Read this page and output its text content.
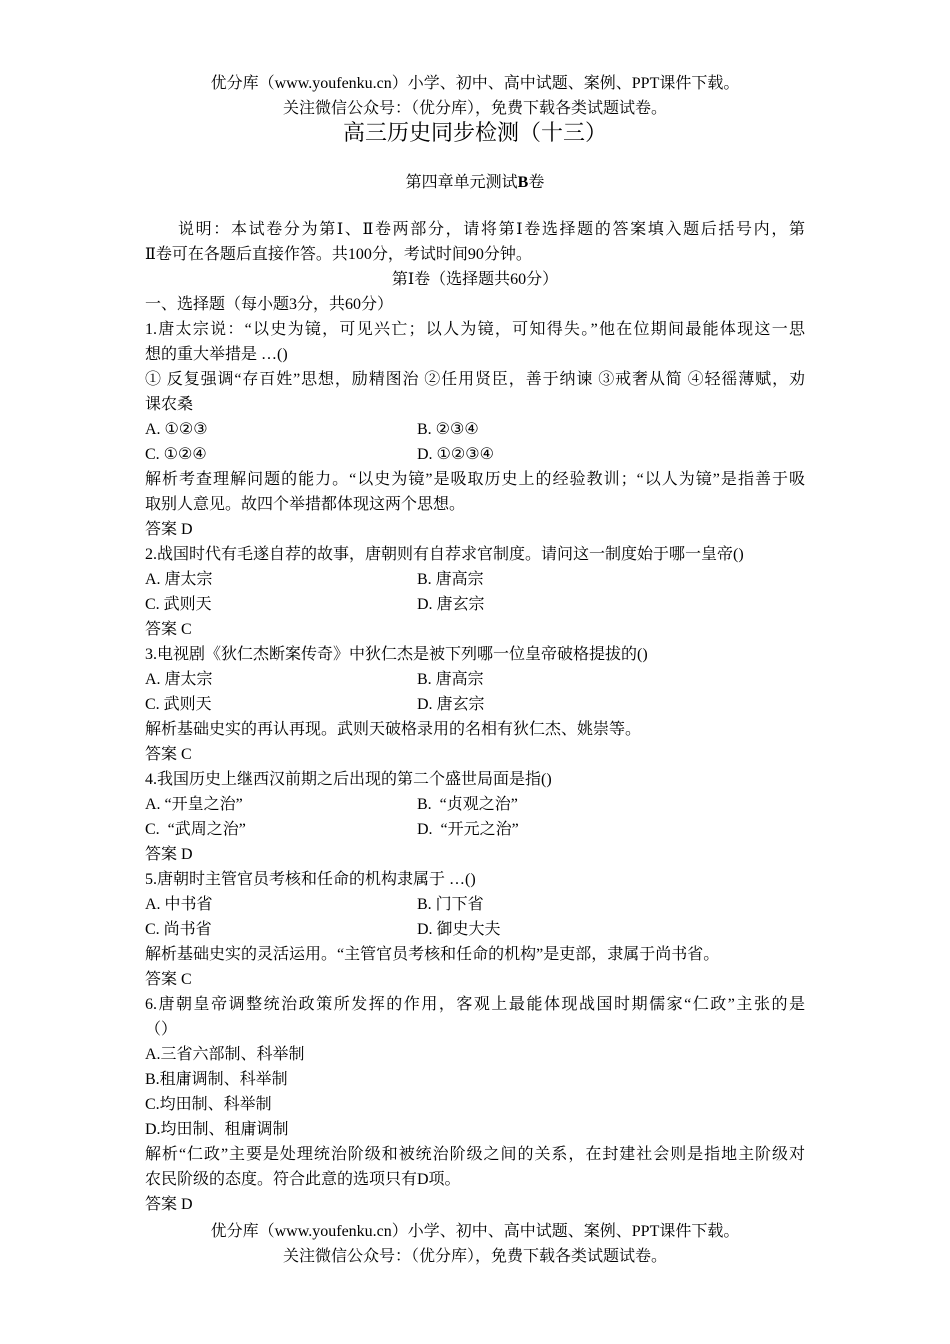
优分库（www.youfenku.cn）小学、初中、高中试题、案例、PPT课件下载。
关注微信公众号：（优分库），免费下载各类试题试卷。
高三历史同步检测（十三）
第四章单元测试B卷
说明：本试卷分为第Ⅰ、Ⅱ卷两部分，请将第Ⅰ卷选择题的答案填入题后括号内，第
Ⅱ卷可在各题后直接作答。共100分，考试时间90分钟。
第Ⅰ卷（选择题共60分）
一、选择题（每小题3分，共60分）
1.唐太宗说：“以史为镜，可见兴亡；以人为镜，可知得失。”他在位期间最能体现这一思
想的重大举措是 …()
① 反复强调“存百姓”思想，励精图治 ②任用贤臣，善于纳谏 ③戒奢从简 ④轻徭薄赋，劝
课农桑
A. ①②③	B. ②③④
C. ①②④	D. ①②③④
解析考查理解问题的能力。“以史为镜”是吸取历史上的经验教训；“以人为镜”是指善于吸
取别人意见。故四个举措都体现这两个思想。
答案 D
2.战国时代有毛遂自荐的故事，唐朝则有自荐求官制度。请问这一制度始于哪一皇帝()
A. 唐太宗	B. 唐高宗
C. 武则天	D. 唐玄宗
答案 C
3.电视剧《狄仁杰断案传奇》中狄仁杰是被下列哪一位皇帝破格提拔的()
A. 唐太宗	B. 唐高宗
C. 武则天	D. 唐玄宗
解析基础史实的再认再现。武则天破格录用的名相有狄仁杰、姚崇等。
答案 C
4.我国历史上继西汉前期之后出现的第二个盛世局面是指()
A. “开皇之治”	B.  “贞观之治”
C.  “武周之治”	D.  “开元之治”
答案 D
5.唐朝时主管官员考核和任命的机构隶属于 …()
A. 中书省	B. 门下省
C. 尚书省	D. 御史大夫
解析基础史实的灵活运用。“主管官员考核和任命的机构”是吏部，隶属于尚书省。
答案 C
6.唐朝皇帝调整统治政策所发挥的作用，客观上最能体现战国时期儒家“仁政”主张的是
（）
A.三省六部制、科举制
B.租庸调制、科举制
C.均田制、科举制
D.均田制、租庸调制
解析“仁政”主要是处理统治阶级和被统治阶级之间的关系，在封建社会则是指地主阶级对
农民阶级的态度。符合此意的选项只有D项。
答案 D
优分库（www.youfenku.cn）小学、初中、高中试题、案例、PPT课件下载。
关注微信公众号：（优分库），免费下载各类试题试卷。
